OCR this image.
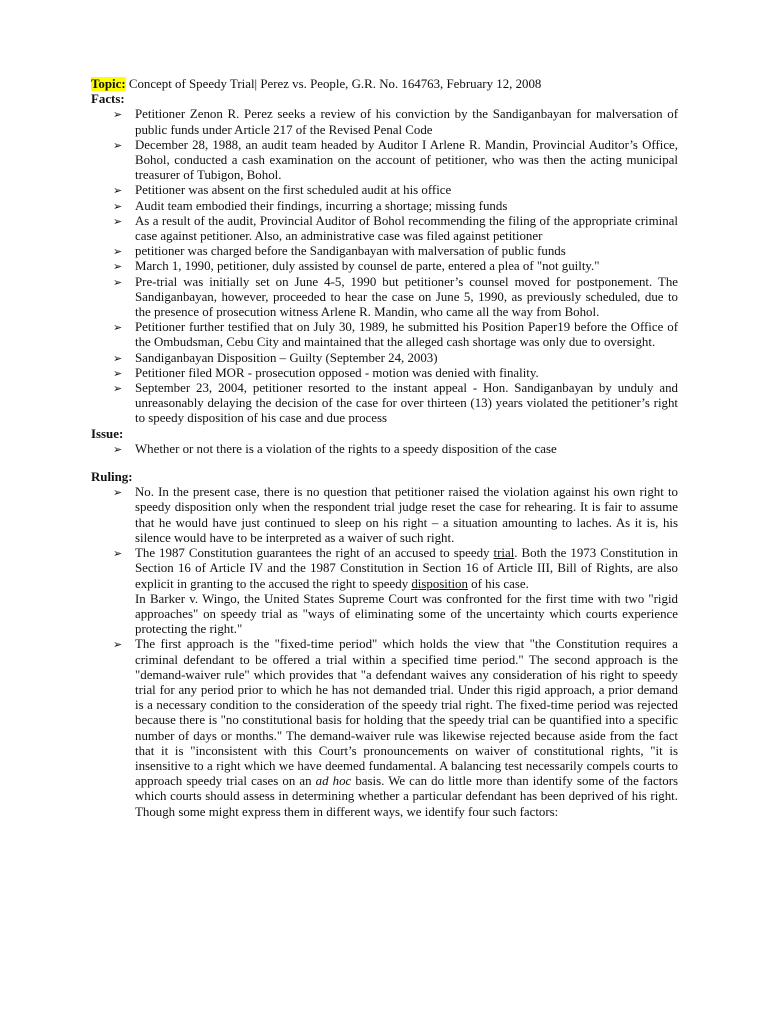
Topic: Concept of Speedy Trial| Perez vs. People, G.R. No. 164763, February 12, 2008
Facts:
➢ Petitioner Zenon R. Perez seeks a review of his conviction by the Sandiganbayan for malversation of public funds under Article 217 of the Revised Penal Code
➢ December 28, 1988, an audit team headed by Auditor I Arlene R. Mandin, Provincial Auditor’s Office, Bohol, conducted a cash examination on the account of petitioner, who was then the acting municipal treasurer of Tubigon, Bohol.
➢ Petitioner was absent on the first scheduled audit at his office
➢ Audit team embodied their findings, incurring a shortage; missing funds
➢ As a result of the audit, Provincial Auditor of Bohol recommending the filing of the appropriate criminal case against petitioner. Also, an administrative case was filed against petitioner
➢ petitioner was charged before the Sandiganbayan with malversation of public funds
➢ March 1, 1990, petitioner, duly assisted by counsel de parte, entered a plea of "not guilty."
➢ Pre-trial was initially set on June 4-5, 1990 but petitioner’s counsel moved for postponement. The Sandiganbayan, however, proceeded to hear the case on June 5, 1990, as previously scheduled, due to the presence of prosecution witness Arlene R. Mandin, who came all the way from Bohol.
➢ Petitioner further testified that on July 30, 1989, he submitted his Position Paper19 before the Office of the Ombudsman, Cebu City and maintained that the alleged cash shortage was only due to oversight.
➢ Sandiganbayan Disposition – Guilty (September 24, 2003)
➢ Petitioner filed MOR - prosecution opposed - motion was denied with finality.
➢ September 23, 2004, petitioner resorted to the instant appeal - Hon. Sandiganbayan by unduly and unreasonably delaying the decision of the case for over thirteen (13) years violated the petitioner’s right to speedy disposition of his case and due process
Issue:
➢ Whether or not there is a violation of the rights to a speedy disposition of the case
Ruling:
➢ No. In the present case, there is no question that petitioner raised the violation against his own right to speedy disposition only when the respondent trial judge reset the case for rehearing. It is fair to assume that he would have just continued to sleep on his right – a situation amounting to laches. As it is, his silence would have to be interpreted as a waiver of such right.
➢ The 1987 Constitution guarantees the right of an accused to speedy trial. Both the 1973 Constitution in Section 16 of Article IV and the 1987 Constitution in Section 16 of Article III, Bill of Rights, are also explicit in granting to the accused the right to speedy disposition of his case.
In Barker v. Wingo, the United States Supreme Court was confronted for the first time with two "rigid approaches" on speedy trial as "ways of eliminating some of the uncertainty which courts experience protecting the right."
➢ The first approach is the "fixed-time period" which holds the view that "the Constitution requires a criminal defendant to be offered a trial within a specified time period." The second approach is the "demand-waiver rule" which provides that "a defendant waives any consideration of his right to speedy trial for any period prior to which he has not demanded trial. Under this rigid approach, a prior demand is a necessary condition to the consideration of the speedy trial right. The fixed-time period was rejected because there is "no constitutional basis for holding that the speedy trial can be quantified into a specific number of days or months." The demand-waiver rule was likewise rejected because aside from the fact that it is "inconsistent with this Court’s pronouncements on waiver of constitutional rights, "it is insensitive to a right which we have deemed fundamental. A balancing test necessarily compels courts to approach speedy trial cases on an ad hoc basis. We can do little more than identify some of the factors which courts should assess in determining whether a particular defendant has been deprived of his right. Though some might express them in different ways, we identify four such factors:
